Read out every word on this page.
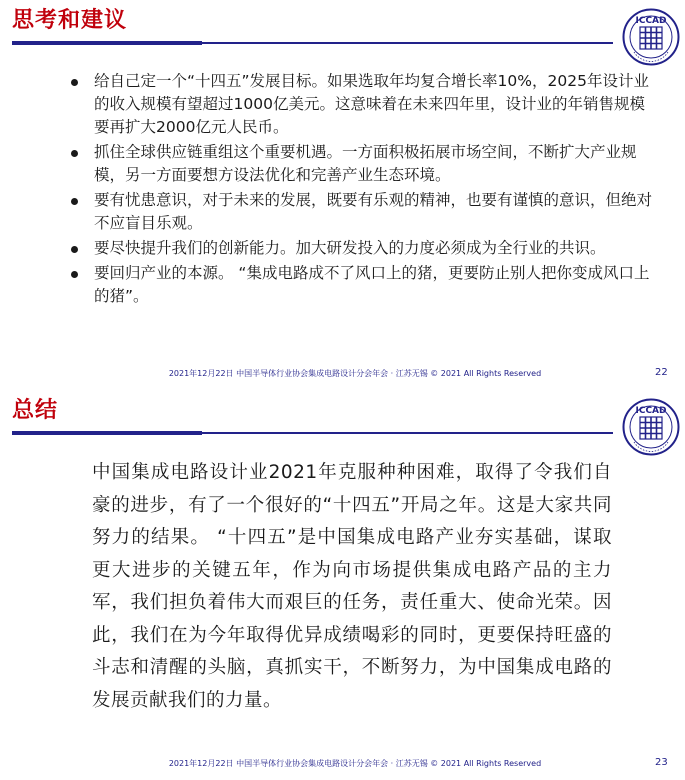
思考和建议	ICCAD
给自己定一个“十四五”发展目标。如果选取年均复合增长率10%，2025年设计业的收入规模有望超过1000亿美元。这意味着在未来四年里，设计业的年销售规模要再扩大2000亿元人民币。
抓住全球供应链重组这个重要机遇。一方面积极拓展市场空间，不断扩大产业规模，另一方面要想方设法优化和完善产业生态环境。
要有忧患意识，对于未来的发展，既要有乐观的精神，也要有谨慎的意识，但绝对不应盲目乐观。
要尽快提升我们的创新能力。加大研发投入的力度必须成为全行业的共识。
要回归产业的本源。 “集成电路成不了风口上的猪，更要防止别人把你变成风口上的猪”。
2021年12月22日 中国半导体行业协会集成电路设计分会年会 · 江苏无锡 © 2021 All Rights Reserved	22
总结	ICCAD

中国集成电路设计业2021年克服种种困难，取得了令我们自豪的进步，有了一个很好的“十四五”开局之年。这是大家共同努力的结果。 “十四五”是中国集成电路产业夯实基础，谋取更大进步的关键五年，作为向市场提供集成电路产品的主力军，我们担负着伟大而艰巨的任务，责任重大、使命光荣。因此，我们在为今年取得优异成绩喝彩的同时，更要保持旺盛的斗志和清醒的头脑，真抓实干，不断努力，为中国集成电路的发展贡献我们的力量。

2021年12月22日 中国半导体行业协会集成电路设计分会年会 · 江苏无锡 © 2021 All Rights Reserved	23
